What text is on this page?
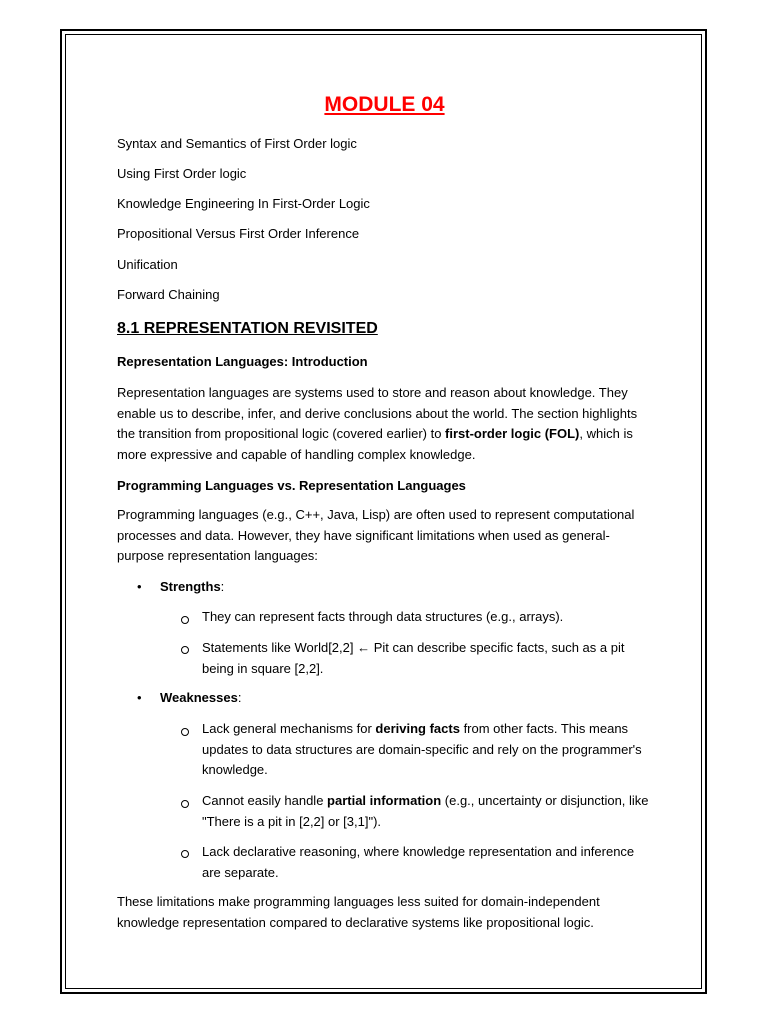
MODULE 04

Syntax and Semantics of First Order logic

Using First Order logic

Knowledge Engineering In First-Order Logic

Propositional Versus First Order Inference

Unification

Forward Chaining

8.1 REPRESENTATION REVISITED

Representation Languages: Introduction

Representation languages are systems used to store and reason about knowledge. They enable us to describe, infer, and derive conclusions about the world. The section highlights the transition from propositional logic (covered earlier) to first-order logic (FOL), which is more expressive and capable of handling complex knowledge.

Programming Languages vs. Representation Languages

Programming languages (e.g., C++, Java, Lisp) are often used to represent computational processes and data. However, they have significant limitations when used as general-purpose representation languages:

•	Strengths:

They can represent facts through data structures (e.g., arrays).

Statements like World[2,2] ← Pit can describe specific facts, such as a pit being in square [2,2].

•	Weaknesses:

Lack general mechanisms for deriving facts from other facts. This means updates to data structures are domain-specific and rely on the programmer's knowledge.

Cannot easily handle partial information (e.g., uncertainty or disjunction, like "There is a pit in [2,2] or [3,1]").

Lack declarative reasoning, where knowledge representation and inference are separate.

These limitations make programming languages less suited for domain-independent knowledge representation compared to declarative systems like propositional logic.
